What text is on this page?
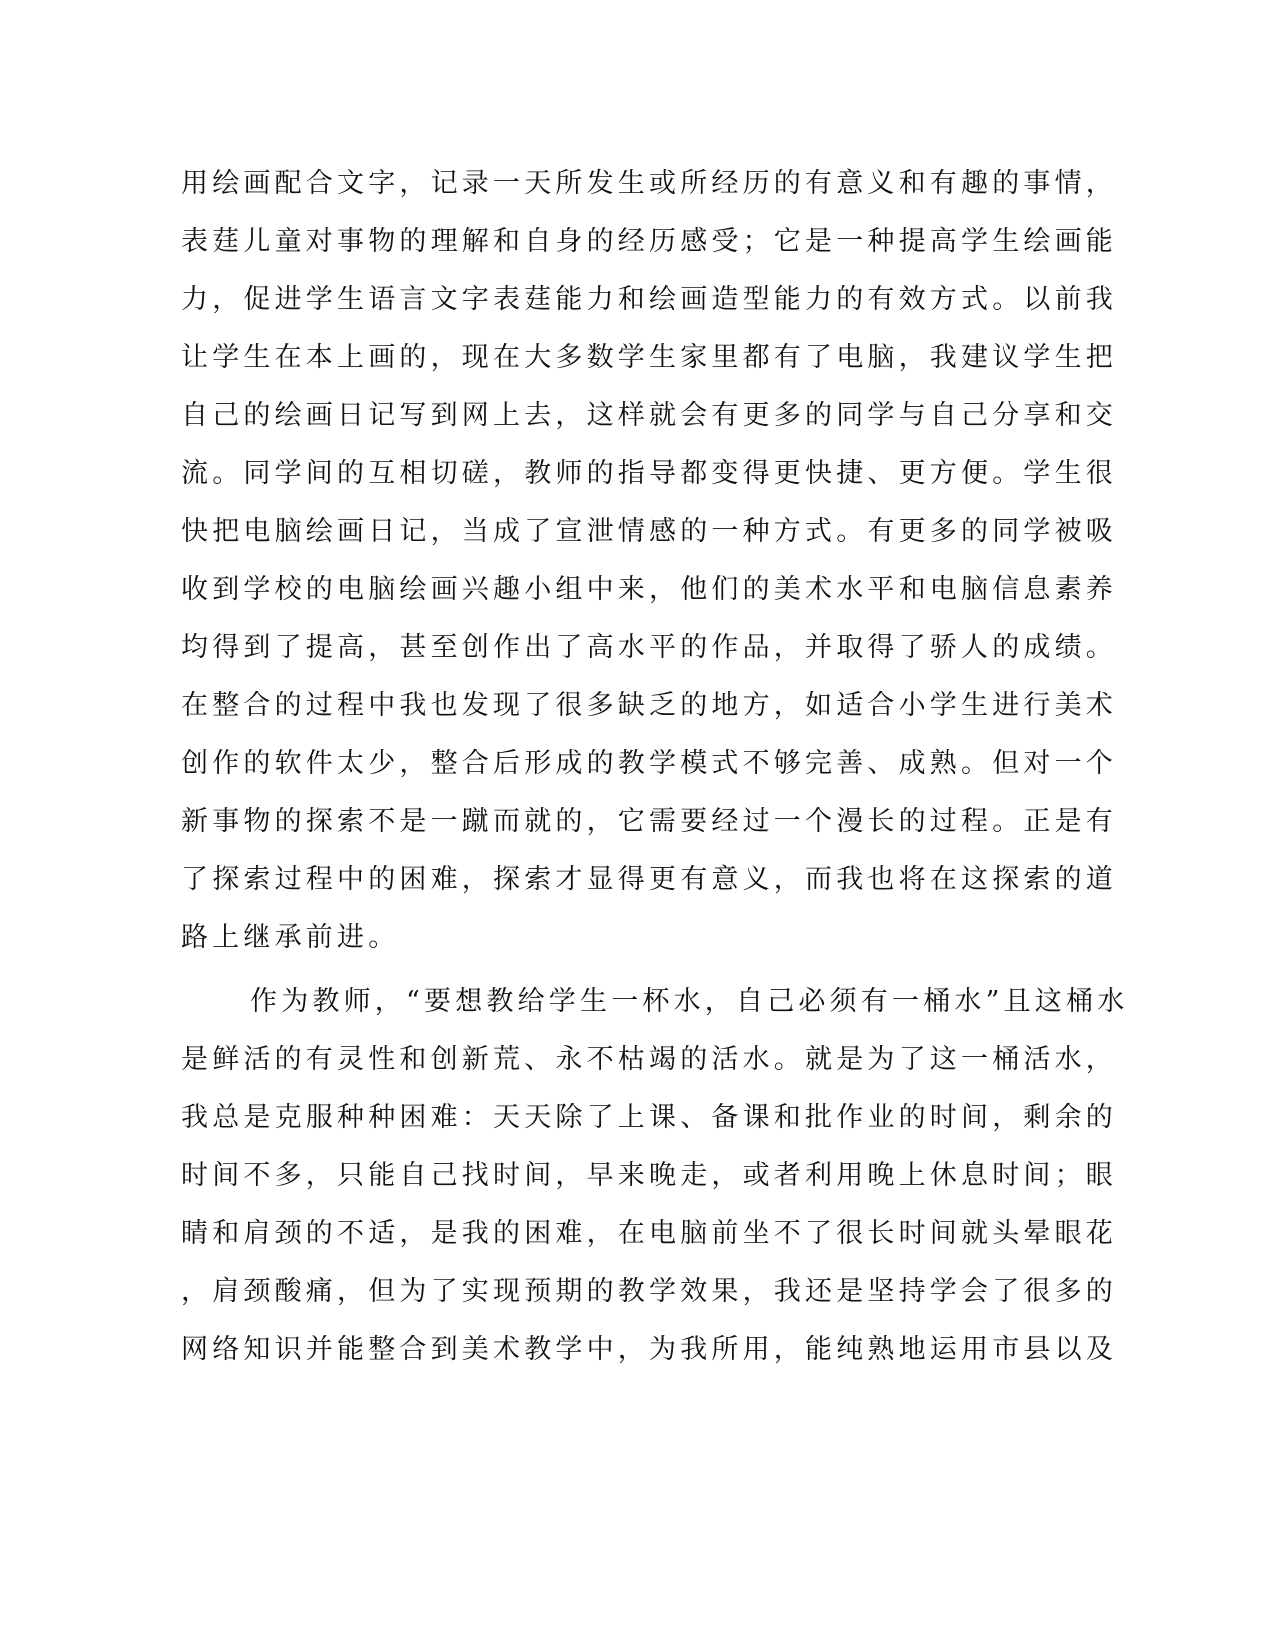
用绘画配合文字，记录一天所发生或所经历的有意义和有趣的事情，

表莛儿童对事物的理解和自身的经历感受；它是一种提高学生绘画能

力，促进学生语言文字表莛能力和绘画造型能力的有效方式。以前我

让学生在本上画的，现在大多数学生家里都有了电脑，我建议学生把

自己的绘画日记写到网上去，这样就会有更多的同学与自己分享和交

流。同学间的互相切磋，教师的指导都变得更快捷、更方便。学生很

快把电脑绘画日记，当成了宣泄情感的一种方式。有更多的同学被吸

收到学校的电脑绘画兴趣小组中来，他们的美术水平和电脑信息素养

均得到了提高，甚至创作出了高水平的作品，并取得了骄人的成绩。

在整合的过程中我也发现了很多缺乏的地方，如适合小学生进行美术

创作的软件太少，整合后形成的教学模式不够完善、成熟。但对一个

新事物的探索不是一蹴而就的，它需要经过一个漫长的过程。正是有

了探索过程中的困难，探索才显得更有意义，而我也将在这探索的道

路上继承前进。

作为教师，“要想教给学生一杯水，自己必须有一桶水”且这桶水

是鲜活的有灵性和创新荒、永不枯竭的活水。就是为了这一桶活水，

我总是克服种种困难：天天除了上课、备课和批作业的时间，剩余的

时间不多，只能自己找时间，早来晚走，或者利用晚上休息时间；眼

睛和肩颈的不适，是我的困难，在电脑前坐不了很长时间就头晕眼花

，肩颈酸痛，但为了实现预期的教学效果，我还是坚持学会了很多的

网络知识并能整合到美术教学中，为我所用，能纯熟地运用市县以及
